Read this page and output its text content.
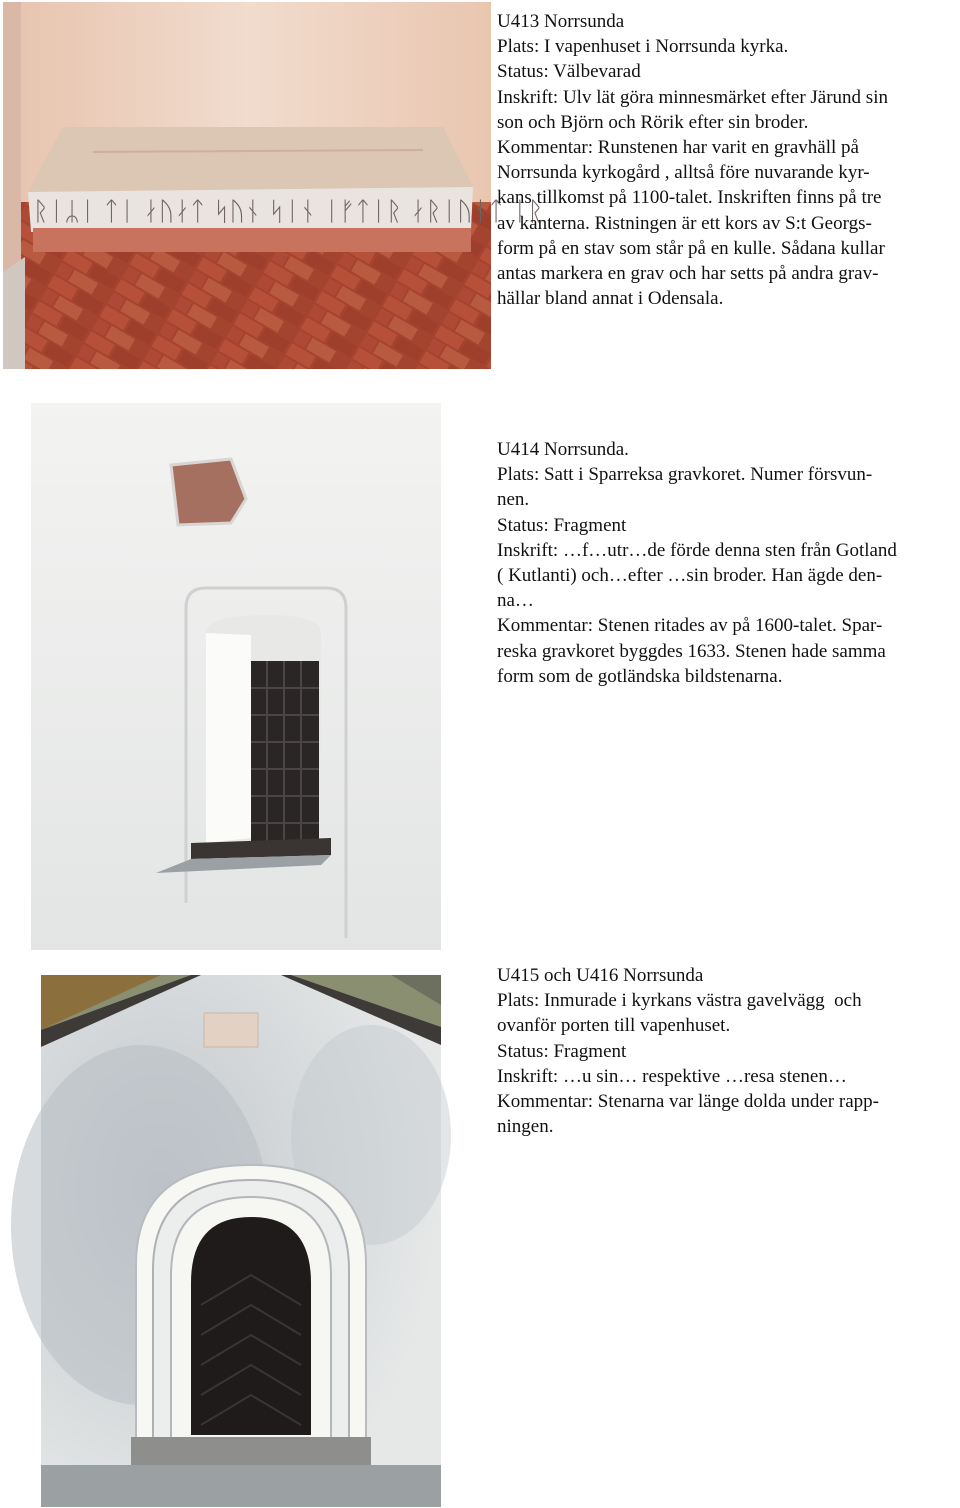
ᚱᛁᛦᛁ ᛏᛁ ᛅᚢᛅᛏ ᛋᚢᚾ ᛋᛁᚾ ᛁᚠᛏᛁᚱ ᛅᚱᛁᚢᚾᛏ ᛁᚱ
U413 Norrsunda
Plats: I vapenhuset i Norrsunda kyrka.
Status: Välbevarad
Inskrift: Ulv lät göra minnesmärket efter Järund sin
son och Björn och Rörik efter sin broder.
Kommentar: Runstenen har varit en gravhäll på
Norrsunda kyrkogård , alltså före nuvarande kyr-
kans tillkomst på 1100-talet. Inskriften finns på tre
av kanterna. Ristningen är ett kors av S:t Georgs-
form på en stav som står på en kulle. Sådana kullar
antas markera en grav och har setts på andra grav-
hällar bland annat i Odensala.
U414 Norrsunda.
Plats: Satt i Sparreksa gravkoret. Numer försvun-
nen.
Status: Fragment
Inskrift: …f…utr…de förde denna sten från Gotland
( Kutlanti) och…efter …sin broder. Han ägde den-
na…
Kommentar: Stenen ritades av på 1600-talet. Spar-
reska gravkoret byggdes 1633. Stenen hade samma
form som de gotländska bildstenarna.
U415 och U416 Norrsunda
Plats: Inmurade i kyrkans västra gavelvägg  och
ovanför porten till vapenhuset.
Status: Fragment
Inskrift: …u sin… respektive …resa stenen…
Kommentar: Stenarna var länge dolda under rapp-
ningen.
